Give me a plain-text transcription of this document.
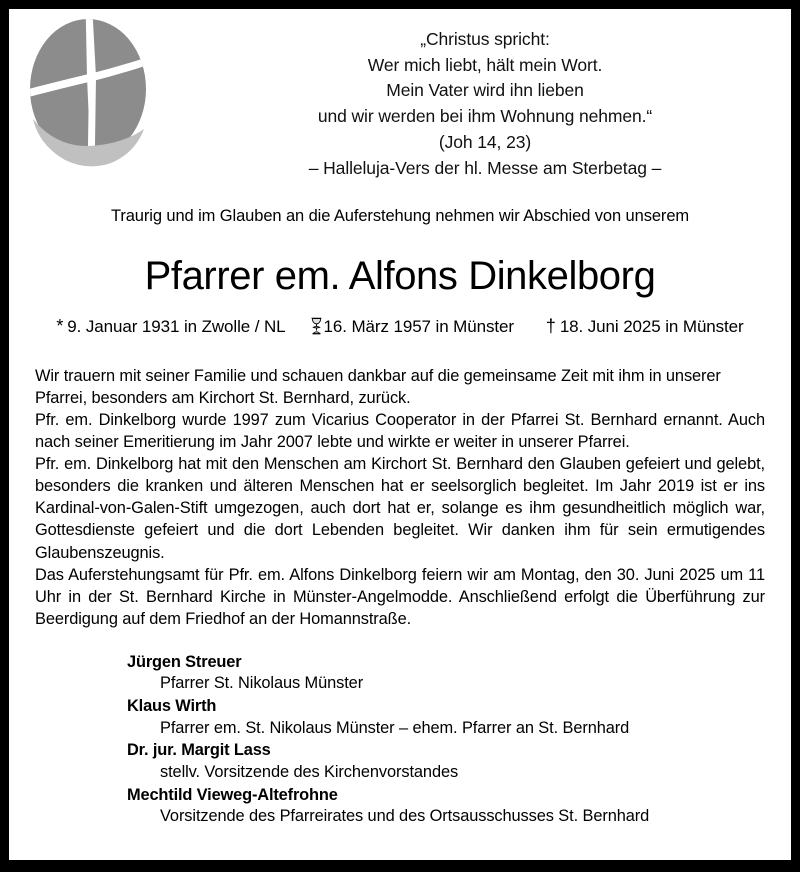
„Christus spricht:
Wer mich liebt, hält mein Wort.
Mein Vater wird ihn lieben
und wir werden bei ihm Wohnung nehmen.“
(Joh 14, 23)
– Halleluja-Vers der hl. Messe am Sterbetag –
Traurig und im Glauben an die Auferstehung nehmen wir Abschied von unserem
Pfarrer em. Alfons Dinkelborg
* 9. Januar 1931 in Zwolle / NL 16. März 1957 in Münster † 18. Juni 2025 in Münster

Wir trauern mit seiner Familie und schauen dankbar auf die gemeinsame Zeit mit ihm in unserer Pfarrei, besonders am Kirchort St. Bernhard, zurück.

Pfr. em. Dinkelborg wurde 1997 zum Vicarius Cooperator in der Pfarrei St. Bernhard ernannt. Auch nach seiner Emeritierung im Jahr 2007 lebte und wirkte er weiter in unserer Pfarrei.

Pfr. em. Dinkelborg hat mit den Menschen am Kirchort St. Bernhard den Glauben gefeiert und gelebt, besonders die kranken und älteren Menschen hat er seelsorglich begleitet. Im Jahr 2019 ist er ins Kardinal-von-Galen-Stift umgezogen, auch dort hat er, solange es ihm gesundheitlich möglich war, Gottesdienste gefeiert und die dort Lebenden begleitet. Wir danken ihm für sein ermutigendes Glaubenszeugnis.

Das Auferstehungsamt für Pfr. em. Alfons Dinkelborg feiern wir am Montag, den 30. Juni 2025 um 11 Uhr in der St. Bernhard Kirche in Münster-Angelmodde. Anschließend erfolgt die Überführung zur Beerdigung auf dem Friedhof an der Homannstraße.

Jürgen Streuer
Pfarrer St. Nikolaus Münster
Klaus Wirth
Pfarrer em. St. Nikolaus Münster – ehem. Pfarrer an St. Bernhard
Dr. jur. Margit Lass
stellv. Vorsitzende des Kirchenvorstandes
Mechtild Vieweg-Altefrohne
Vorsitzende des Pfarreirates und des Ortsausschusses St. Bernhard
